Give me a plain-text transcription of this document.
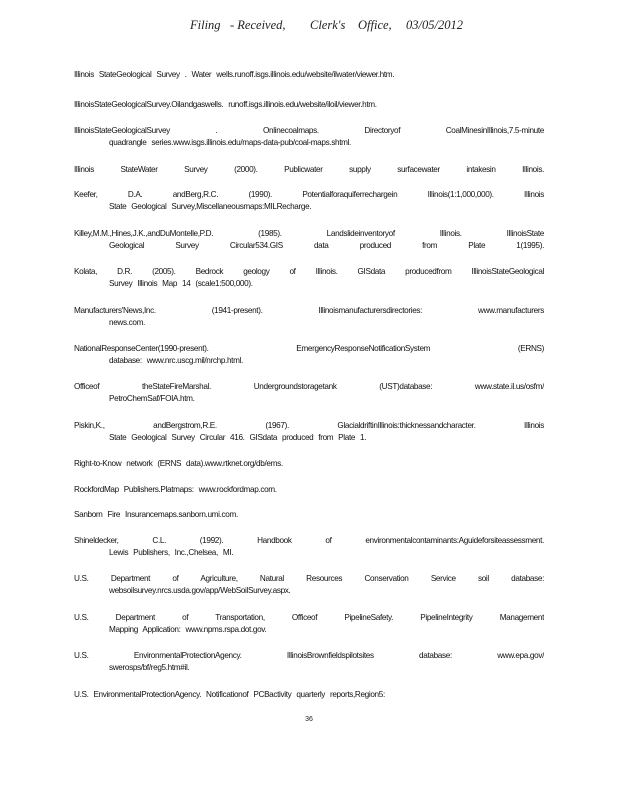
Filing - Received, Clerk's Office, 03/05/2012
Illinois StateGeological Survey . Water wells.runoff.isgs.illinois.edu/website/ilwater/viewer.htm.
IllinoisStateGeologicalSurvey.Oilandgaswells. runoff.isgs.illinois.edu/website/iloil/viewer.htm.
IllinoisStateGeologicalSurvey . Onlinecoalmaps. Directoryof CoalMinesinIllinois,7.5-minute
quadrangle series.www.isgs.illinois.edu/maps-data-pub/coal-maps.shtml.
Illinois StateWater Survey (2000). Publicwater supply surfacewater intakesin Illinois.
Keefer, D.A. andBerg,R.C. (1990). Potentialforaquiferrechargein Illinois(1:1,000,000). Illinois
State Geological Survey,Miscellaneousmaps:MILRecharge.
Killey,M.M.,Hines,J.K.,andDuMontelle,P.D. (1985). Landslideinventoryof Illinois. IllinoisState
Geological Survey Circular534.GIS data produced from Plate 1(1995).
Kolata, D.R. (2005). Bedrock geology of Illinois. GISdata producedfrom IllinoisStateGeological
Survey Illinois Map 14 (scale1:500,000).
Manufacturers'News,Inc. (1941-present). Illinoismanufacturersdirectories: www.manufacturers
news.com.
NationalResponseCenter(1990-present). EmergencyResponseNotificationSystem (ERNS)
database: www.nrc.uscg.mil/nrchp.html.
Officeof theStateFireMarshal. Undergroundstoragetank (UST)database: www.state.il.us/osfm/
PetroChemSaf/FOIA.htm.
Piskin,K., andBergstrom,R.E. (1967). GlacialdriftinIllinois:thicknessandcharacter. Illinois
State Geological Survey Circular 416. GISdata produced from Plate 1.
Right-to-Know network (ERNS data).www.rtknet.org/db/erns.
RockfordMap Publishers.Platmaps: www.rockfordmap.com.
Sanborn Fire Insurancemaps.sanborn.umi.com.
Shineldecker, C.L. (1992). Handbook of environmentalcontaminants:Aguideforsiteassessment.
Lewis Publishers, Inc.,Chelsea, MI.
U.S. Department of Agriculture, Natural Resources Conservation Service soil database:
websoilsurvey.nrcs.usda.gov/app/WebSoilSurvey.aspx.
U.S. Department of Transportation, Officeof PipelineSafety. PipelineIntegrity Management
Mapping Application: www.npms.rspa.dot.gov.
U.S. EnvironmentalProtectionAgency. IllinoisBrownfieldspilotsites database: www.epa.gov/
swerosps/bf/reg5.htm#il.
U.S. EnvironmentalProtectionAgency. Notificationof PCBactivity quarterly reports,Region5:
36
